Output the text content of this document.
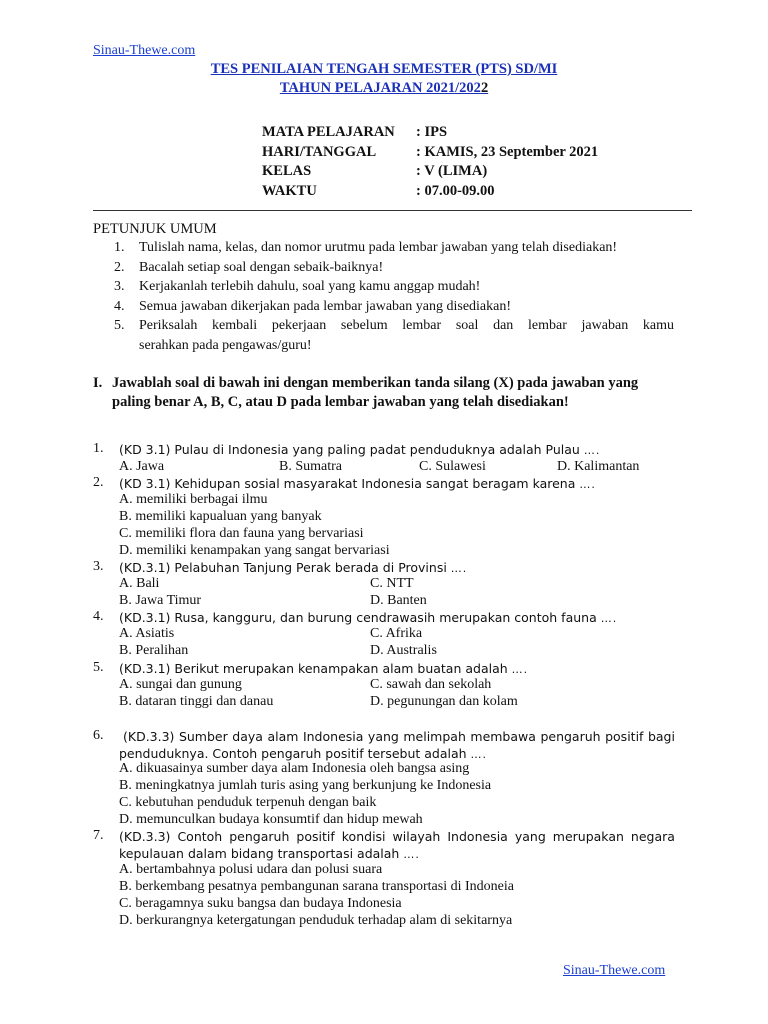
Sinau-Thewe.com
TES PENILAIAN TENGAH SEMESTER (PTS) SD/MI
TAHUN PELAJARAN 2021/2022
MATA PELAJARAN : IPS
HARI/TANGGAL	: KAMIS, 23 September 2021
KELAS	: V (LIMA)
WAKTU	: 07.00-09.00
PETUNJUK UMUM
1. Tulislah nama, kelas, dan nomor urutmu pada lembar jawaban yang telah disediakan!
2. Bacalah setiap soal dengan sebaik-baiknya!
3. Kerjakanlah terlebih dahulu, soal yang kamu anggap mudah!
4. Semua jawaban dikerjakan pada lembar jawaban yang disediakan!
5. Periksalah kembali pekerjaan sebelum lembar soal dan lembar jawaban kamu
serahkan pada pengawas/guru!
I. Jawablah soal di bawah ini dengan memberikan tanda silang (X) pada jawaban yang
paling benar A, B, C, atau D pada lembar jawaban yang telah disediakan!
1. (KD 3.1) Pulau di Indonesia yang paling padat penduduknya adalah Pulau ….
A. Jawa	B. Sumatra	C. Sulawesi	D. Kalimantan
2. (KD 3.1) Kehidupan sosial masyarakat Indonesia sangat beragam karena ….
A. memiliki berbagai ilmu
B. memiliki kapualuan yang banyak
C. memiliki flora dan fauna yang bervariasi
D. memiliki kenampakan yang sangat bervariasi
3. (KD.3.1) Pelabuhan Tanjung Perak berada di Provinsi ….
A. Bali	C. NTT
B. Jawa Timur	D. Banten
4. (KD.3.1) Rusa, kangguru, dan burung cendrawasih merupakan contoh fauna ….
A. Asiatis	C. Afrika
B. Peralihan	D. Australis
5. (KD.3.1) Berikut merupakan kenampakan alam buatan adalah ….
A. sungai dan gunung	C. sawah dan sekolah
B. dataran tinggi dan danau	D. pegunungan dan kolam
6. (KD.3.3) Sumber daya alam Indonesia yang melimpah membawa pengaruh positif bagi
penduduknya. Contoh pengaruh positif tersebut adalah ….
A. dikuasainya sumber daya alam Indonesia oleh bangsa asing
B. meningkatnya jumlah turis asing yang berkunjung ke Indonesia
C. kebutuhan penduduk terpenuh dengan baik
D. memunculkan budaya konsumtif dan hidup mewah
7. (KD.3.3) Contoh pengaruh positif kondisi wilayah Indonesia yang merupakan negara
kepulauan dalam bidang transportasi adalah ….
A. bertambahnya polusi udara dan polusi suara
B. berkembang pesatnya pembangunan sarana transportasi di Indoneia
C. beragamnya suku bangsa dan budaya Indonesia
D. berkurangnya ketergatungan penduduk terhadap alam di sekitarnya
Sinau-Thewe.com
